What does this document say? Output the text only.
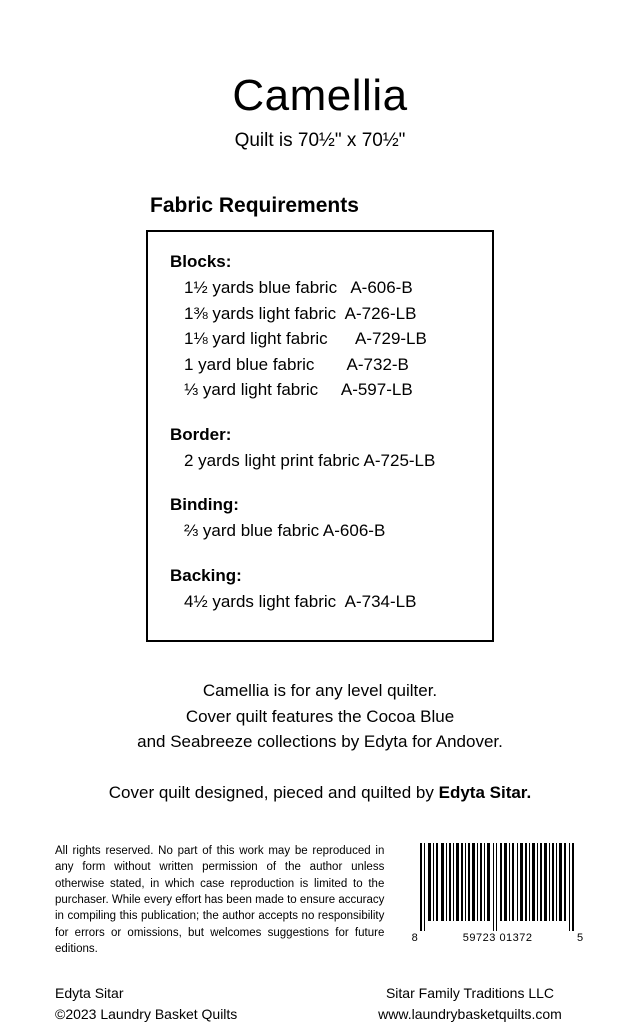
Camellia
Quilt is 70½" x 70½"
Fabric Requirements
Blocks:
1½ yards blue fabric   A-606-B
1⅜ yards light fabric  A-726-LB
1⅛ yard light fabric      A-729-LB
1 yard blue fabric       A-732-B
⅓ yard light fabric     A-597-LB
Border:
2 yards light print fabric A-725-LB
Binding:
⅔ yard blue fabric A-606-B
Backing:
4½ yards light fabric  A-734-LB
Camellia is for any level quilter.
Cover quilt features the Cocoa Blue
and Seabreeze collections by Edyta for Andover.
Cover quilt designed, pieced and quilted by Edyta Sitar.
All rights reserved. No part of this work may be reproduced in any form without written permission of the author unless otherwise stated, in which case reproduction is limited to the purchaser. While every effort has been made to ensure accuracy in compiling this publication; the author accepts no responsibility for errors or omissions, but welcomes suggestions for future editions.
8	59723 01372	5
Edyta Sitar
©2023 Laundry Basket Quilts
Sitar Family Traditions LLC
www.laundrybasketquilts.com
